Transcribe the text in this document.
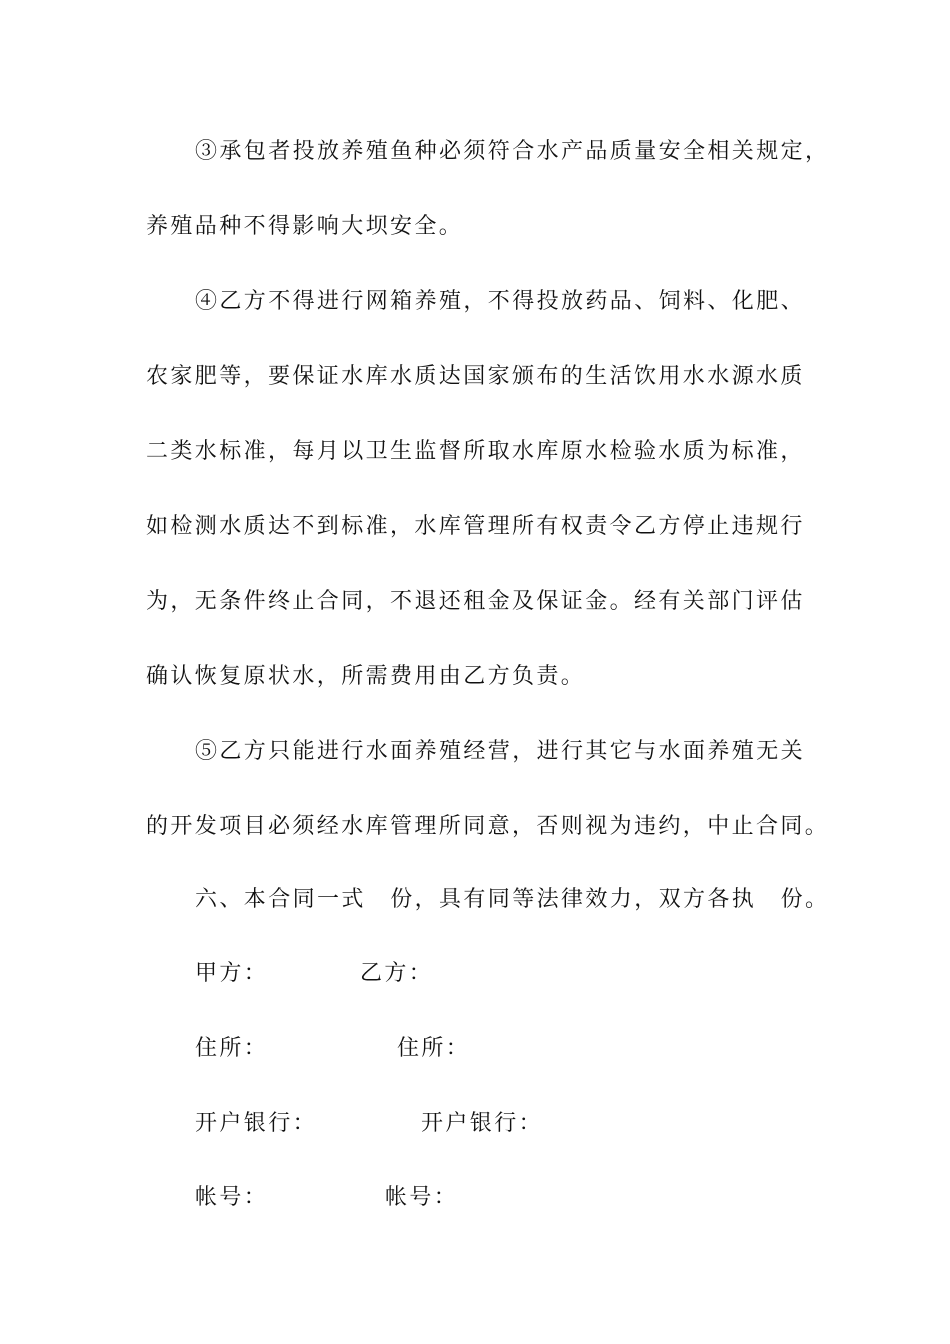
③承包者投放养殖鱼种必须符合水产品质量安全相关规定，
养殖品种不得影响大坝安全。
④乙方不得进行网箱养殖，不得投放药品、饲料、化肥、
农家肥等，要保证水库水质达国家颁布的生活饮用水水源水质
二类水标准，每月以卫生监督所取水库原水检验水质为标准，
如检测水质达不到标准，水库管理所有权责令乙方停止违规行
为，无条件终止合同，不退还租金及保证金。经有关部门评估
确认恢复原状水，所需费用由乙方负责。
⑤乙方只能进行水面养殖经营，进行其它与水面养殖无关
的开发项目必须经水库管理所同意，否则视为违约，中止合同。
六、本合同一式　份，具有同等法律效力，双方各执　份。
甲方：	乙方：
住所：	住所：
开户银行：	开户银行：
帐号：	帐号：
